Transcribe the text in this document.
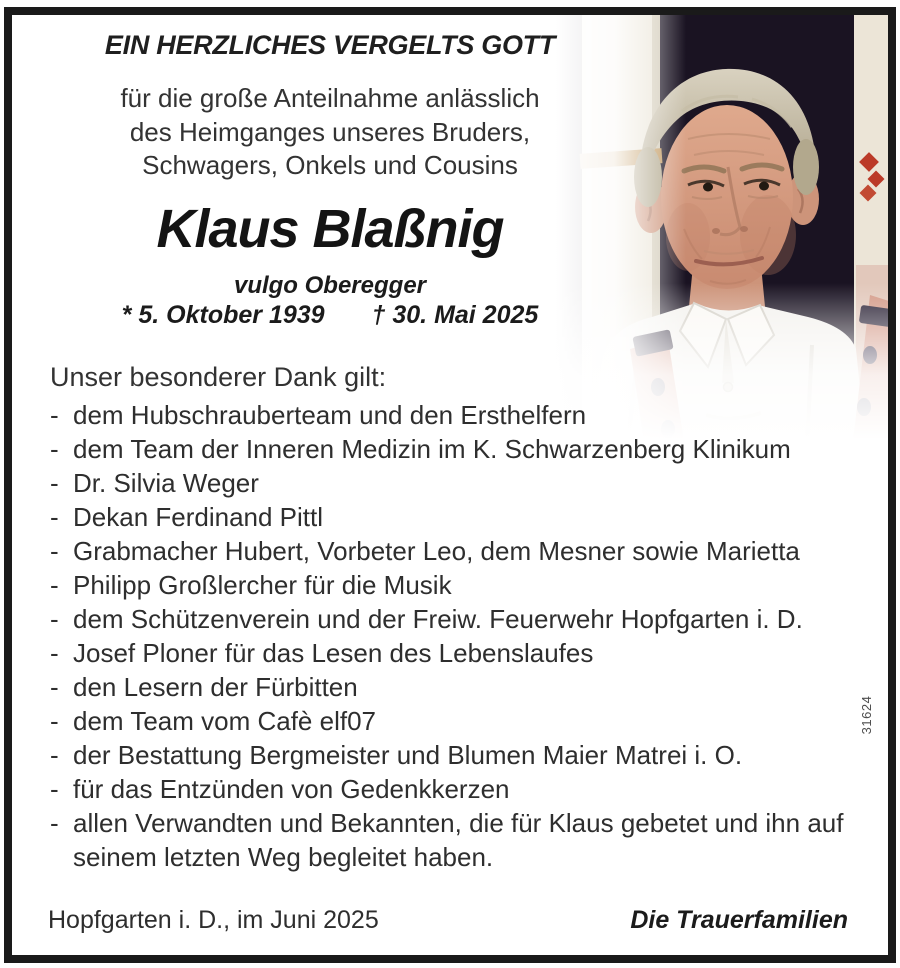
EIN HERZLICHES VERGELTS GOTT
für die große Anteilnahme anlässlich
des Heimganges unseres Bruders,
Schwagers, Onkels und Cousins
Klaus Blaßnig
vulgo Oberegger
* 5. Oktober 1939 † 30. Mai 2025
Unser besonderer Dank gilt:
- dem Hubschrauberteam und den Ersthelfern
- dem Team der Inneren Medizin im K. Schwarzenberg Klinikum
- Dr. Silvia Weger
- Dekan Ferdinand Pittl
- Grabmacher Hubert, Vorbeter Leo, dem Mesner sowie Marietta
- Philipp Großlercher für die Musik
- dem Schützenverein und der Freiw. Feuerwehr Hopfgarten i. D.
- Josef Ploner für das Lesen des Lebenslaufes
- den Lesern der Fürbitten
- dem Team vom Cafè elf07
- der Bestattung Bergmeister und Blumen Maier Matrei i. O.
- für das Entzünden von Gedenkkerzen
- allen Verwandten und Bekannten, die für Klaus gebetet und ihn auf seinem letzten Weg begleitet haben.
Hopfgarten i. D., im Juni 2025	Die Trauerfamilien
31624
